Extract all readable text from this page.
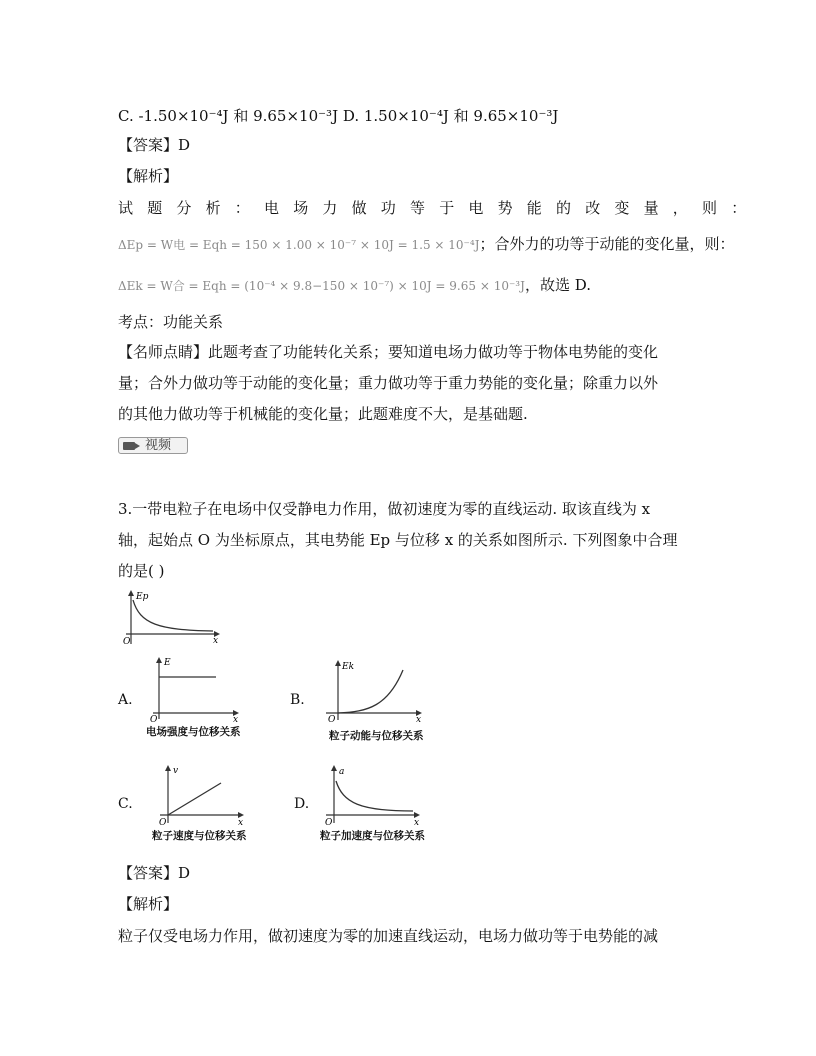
C. -1.50×10⁻⁴J 和 9.65×10⁻³J D. 1.50×10⁻⁴J 和 9.65×10⁻³J
【答案】D
【解析】
试题分析：电场力做功等于电势能的改变量，则：
ΔEp = W电 = Eqh = 150 × 1.00 × 10⁻⁷ × 10J = 1.5 × 10⁻⁴J；合外力的功等于动能的变化量，则：
ΔEk = W合 = Eqh = (10⁻⁴ × 9.8−150 × 10⁻⁷) × 10J = 9.65 × 10⁻³J，故选 D.
考点：功能关系
【名师点睛】此题考查了功能转化关系；要知道电场力做功等于物体电势能的变化
量；合外力做功等于动能的变化量；重力做功等于重力势能的变化量；除重力以外
的其他力做功等于机械能的变化量；此题难度不大，是基础题.
视频
3.一带电粒子在电场中仅受静电力作用，做初速度为零的直线运动. 取该直线为 x
轴，起始点 O 为坐标原点，其电势能 Ep 与位移 x 的关系如图所示. 下列图象中合理
的是( )
Ep
x
O
A.
E
x
O
电场强度与位移关系
B.
Ek
x
O
粒子动能与位移关系
C.
v
x
O
粒子速度与位移关系
D.
a
x
O
粒子加速度与位移关系
【答案】D
【解析】
粒子仅受电场力作用，做初速度为零的加速直线运动，电场力做功等于电势能的减
